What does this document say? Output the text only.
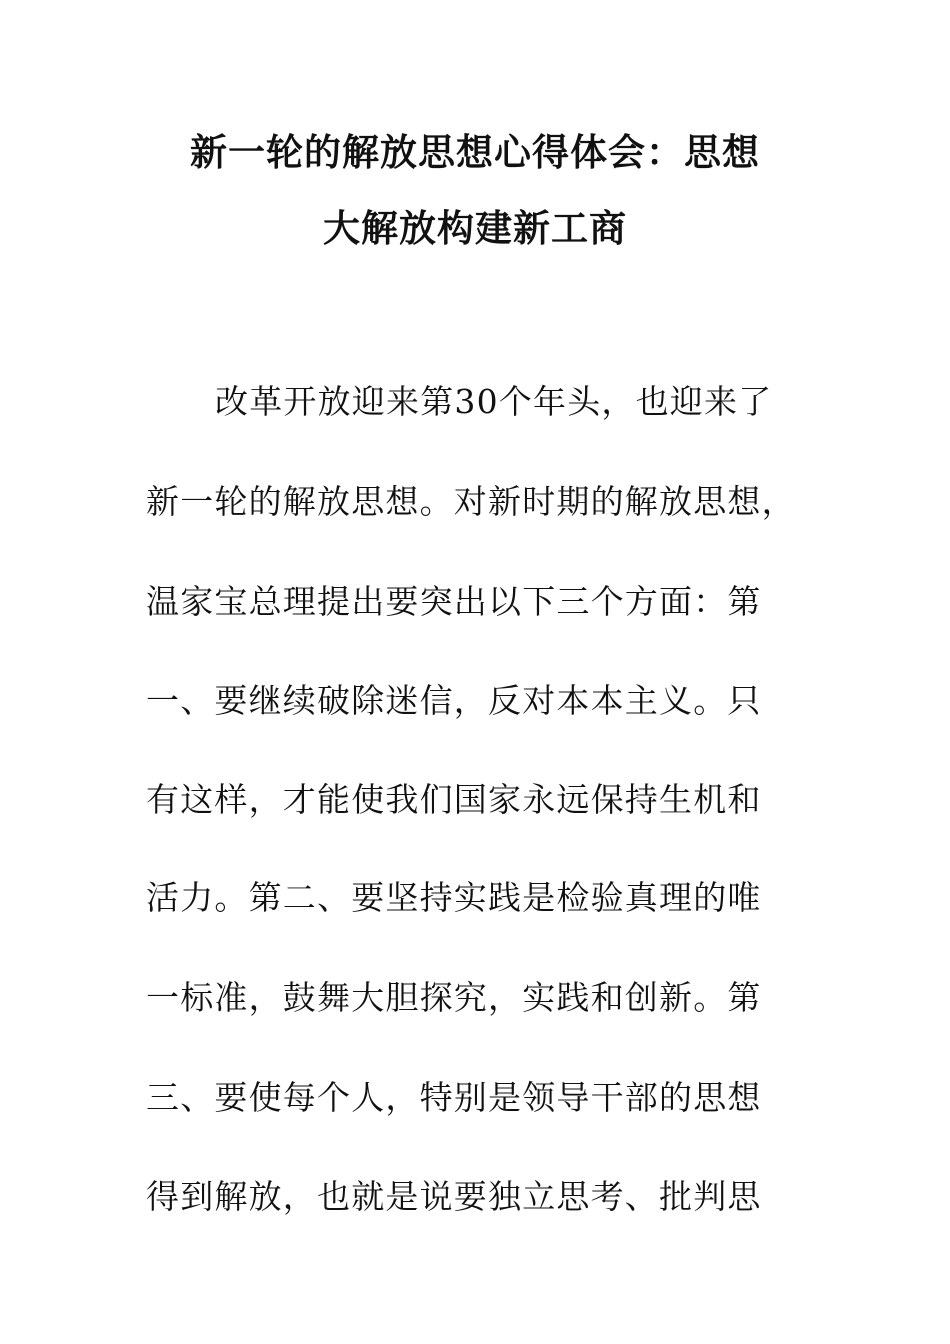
新一轮的解放思想心得体会：思想
大解放构建新工商
改革开放迎来第30个年头，也迎来了
新一轮的解放思想。对新时期的解放思想，
温家宝总理提出要突出以下三个方面：第
一、要继续破除迷信，反对本本主义。只
有这样，才能使我们国家永远保持生机和
活力。第二、要坚持实践是检验真理的唯
一标准，鼓舞大胆探究，实践和创新。第
三、要使每个人，特别是领导干部的思想
得到解放，也就是说要独立思考、批判思
